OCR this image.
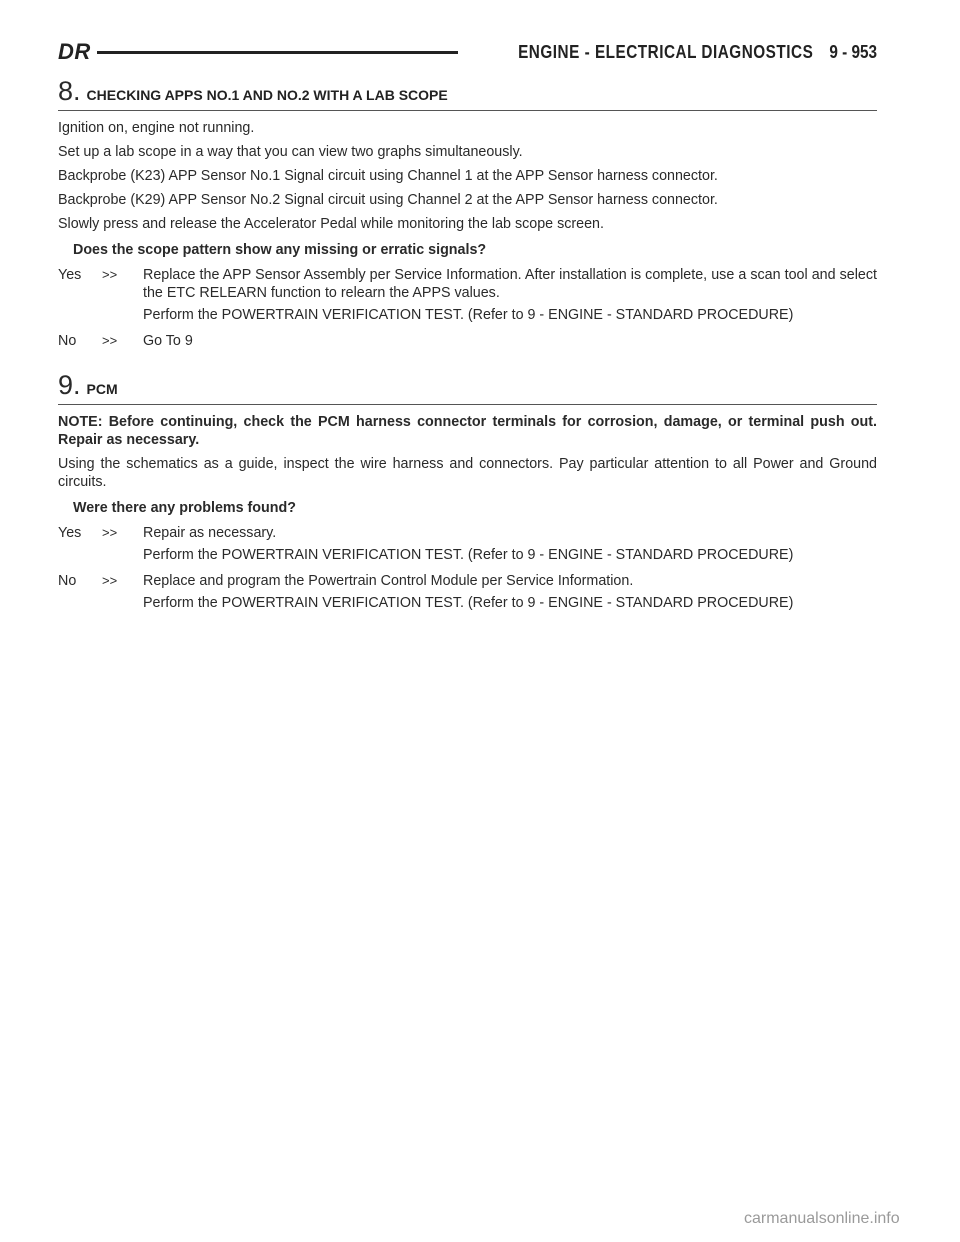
DR	ENGINE - ELECTRICAL DIAGNOSTICS 9 - 953
8. CHECKING APPS NO.1 AND NO.2 WITH A LAB SCOPE
Ignition on, engine not running.
Set up a lab scope in a way that you can view two graphs simultaneously.
Backprobe (K23) APP Sensor No.1 Signal circuit using Channel 1 at the APP Sensor harness connector.
Backprobe (K29) APP Sensor No.2 Signal circuit using Channel 2 at the APP Sensor harness connector.
Slowly press and release the Accelerator Pedal while monitoring the lab scope screen.
Does the scope pattern show any missing or erratic signals?
Yes	>>	Replace the APP Sensor Assembly per Service Information. After installation is complete, use a scan tool and select the ETC RELEARN function to relearn the APPS values.
Perform the POWERTRAIN VERIFICATION TEST. (Refer to 9 - ENGINE - STANDARD PROCEDURE)
No	>>	Go To 9
9. PCM
NOTE: Before continuing, check the PCM harness connector terminals for corrosion, damage, or terminal push out. Repair as necessary.
Using the schematics as a guide, inspect the wire harness and connectors. Pay particular attention to all Power and Ground circuits.
Were there any problems found?
Yes	>>	Repair as necessary.
Perform the POWERTRAIN VERIFICATION TEST. (Refer to 9 - ENGINE - STANDARD PROCEDURE)
No	>>	Replace and program the Powertrain Control Module per Service Information.
Perform the POWERTRAIN VERIFICATION TEST. (Refer to 9 - ENGINE - STANDARD PROCEDURE)
carmanualsonline.info
